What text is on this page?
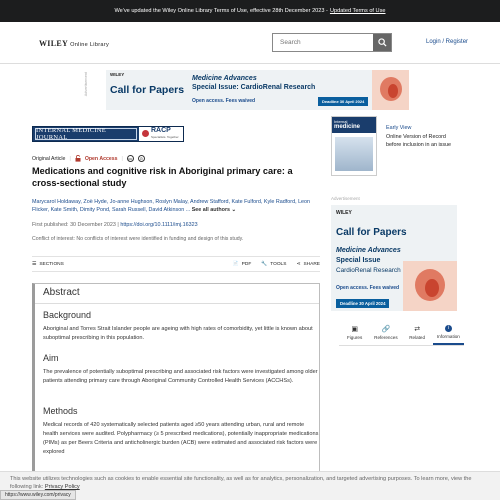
We've updated the Wiley Online Library Terms of Use, effective 28th December 2023 - Updated Terms of Use
WILEY Online Library
Search	Login / Register
Advertisement	WILEY
Call for Papers
Medicine Advances
Special Issue: CardioRenal Research
Open access. Fees waived	Deadline 30 April 2024
INTERNAL MEDICINE JOURNAL
RACP
Specialists. Together
Original Article |	Open Access |	cc	⊙
Medications and cognitive risk in Aboriginal primary care: a cross-sectional study
Marycarol Holdaway, Zoë Hyde, Jo-anne Hughson, Roslyn Malay, Andrew Stafford, Kate Fulford, Kyle Radford, Leon Flicker, Kate Smith, Dimity Pond, Sarah Russell, David Atkinson ... See all authors ⌄
First published: 30 December 2023 | https://doi.org/10.1111/imj.16323
Conflict of interest: No conflicts of interest were identified in funding and design of this study.
☰ SECTIONS	📄 PDF 🔧 TOOLS ⋖ SHARE
Abstract
Background

Aboriginal and Torres Strait Islander people are ageing with high rates of comorbidity, yet little is known about suboptimal prescribing in this population.

Aim

The prevalence of potentially suboptimal prescribing and associated risk factors were investigated among older patients attending primary care through Aboriginal Community Controlled Health Services (ACCHSs).

Methods

Medical records of 420 systematically selected patients aged ≥50 years attending urban, rural and remote health services were audited. Polypharmacy (≥ 5 prescribed medications), potentially inappropriate medications (PIMs) as per Beers Criteria and anticholinergic burden (ACB) were estimated and associated risk factors were explored

Internal
medicine	Early View
Online Version of Record
before inclusion in an issue
Advertisement
WILEY
Call for Papers
Medicine Advances
Special Issue
CardioRenal Research
Open access. Fees waived
Deadline 30 April 2024
▣
Figures
🔗
References
⇄
Related
i
Information

This website utilizes technologies such as cookies to enable essential site functionality, as well as for analytics, personalization, and targeted advertising purposes. To learn more, view the following link: Privacy Policy

https://www.wiley.com/privacy
